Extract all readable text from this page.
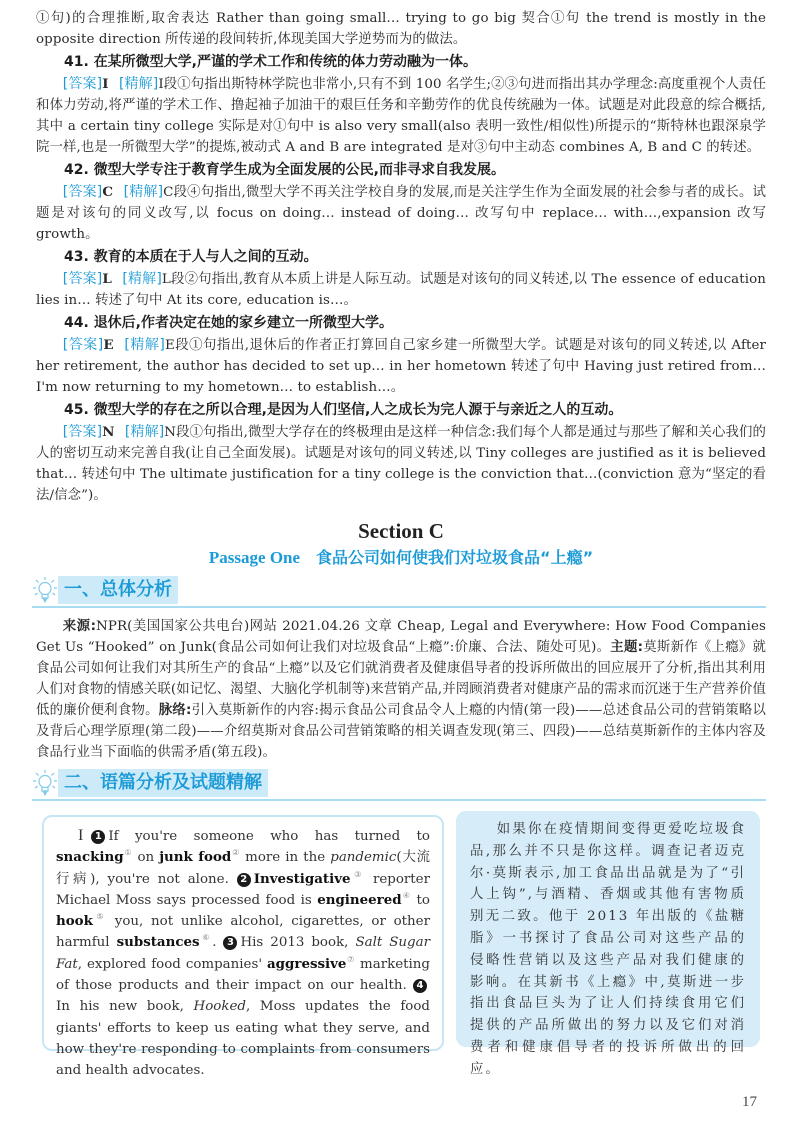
①句)的合理推断,取舍表达 Rather than going small… trying to go big 契合①句 the trend is mostly in the opposite direction 所传递的段间转折,体现美国大学逆势而为的做法。

41. 在某所微型大学,严谨的学术工作和传统的体力劳动融为一体。

[答案]I [精解]I段①句指出斯特林学院也非常小,只有不到 100 名学生;②③句进而指出其办学理念:高度重视个人责任和体力劳动,将严谨的学术工作、撸起袖子加油干的艰巨任务和辛勤劳作的优良传统融为一体。试题是对此段意的综合概括,其中 a certain tiny college 实际是对①句中 is also very small(also 表明一致性/相似性)所提示的“斯特林也跟深泉学院一样,也是一所微型大学”的提炼,被动式 A and B are integrated 是对③句中主动态 combines A, B and C 的转述。

42. 微型大学专注于教育学生成为全面发展的公民,而非寻求自我发展。

[答案]C [精解]C段④句指出,微型大学不再关注学校自身的发展,而是关注学生作为全面发展的社会参与者的成长。试题是对该句的同义改写,以 focus on doing… instead of doing… 改写句中 replace… with…,expansion 改写 growth。

43. 教育的本质在于人与人之间的互动。

[答案]L [精解]L段②句指出,教育从本质上讲是人际互动。试题是对该句的同义转述,以 The essence of education lies in… 转述了句中 At its core, education is…。

44. 退休后,作者决定在她的家乡建立一所微型大学。

[答案]E [精解]E段①句指出,退休后的作者正打算回自己家乡建一所微型大学。试题是对该句的同义转述,以 After her retirement, the author has decided to set up… in her hometown 转述了句中 Having just retired from… I'm now returning to my hometown… to establish…。

45. 微型大学的存在之所以合理,是因为人们坚信,人之成长为完人源于与亲近之人的互动。

[答案]N [精解]N段①句指出,微型大学存在的终极理由是这样一种信念:我们每个人都是通过与那些了解和关心我们的人的密切互动来完善自我(让自己全面发展)。试题是对该句的同义转述,以 Tiny colleges are justified as it is believed that… 转述句中 The ultimate justification for a tiny college is the conviction that…(conviction 意为“坚定的看法/信念”)。

Section C
Passage One 食品公司如何使我们对垃圾食品“上瘾”
一、总体分析

来源:NPR(美国国家公共电台)网站 2021.04.26 文章 Cheap, Legal and Everywhere: How Food Companies Get Us “Hooked” on Junk(食品公司如何让我们对垃圾食品“上瘾”:价廉、合法、随处可见)。主题:莫斯新作《上瘾》就食品公司如何让我们对其所生产的食品“上瘾”以及它们就消费者及健康倡导者的投诉所做出的回应展开了分析,指出其利用人们对食物的情感关联(如记忆、渴望、大脑化学机制等)来营销产品,并罔顾消费者对健康产品的需求而沉迷于生产营养价值低的廉价便利食物。脉络:引入莫斯新作的内容:揭示食品公司食品令人上瘾的内情(第一段)——总述食品公司的营销策略以及背后心理学原理(第二段)——介绍莫斯对食品公司营销策略的相关调查发现(第三、四段)——总结莫斯新作的主体内容及食品行业当下面临的供需矛盾(第五段)。

二、语篇分析及试题精解
I 1 If you're someone who has turned to snacking① on junk food② more in the pandemic(大流行病), you're not alone. 2 Investigative③ reporter Michael Moss says processed food is engineered④ to hook⑤ you, not unlike alcohol, cigarettes, or other harmful substances⑥. 3 His 2013 book, Salt Sugar Fat, explored food companies' aggressive⑦ marketing of those products and their impact on our health. 4 In his new book, Hooked, Moss updates the food giants' efforts to keep us eating what they serve, and how they're responding to complaints from consumers and health advocates.

如果你在疫情期间变得更爱吃垃圾食品,那么并不只是你这样。调查记者迈克尔·莫斯表示,加工食品出品就是为了“引人上钩”,与酒精、香烟或其他有害物质别无二致。他于 2013 年出版的《盐糖脂》一书探讨了食品公司对这些产品的侵略性营销以及这些产品对我们健康的影响。在其新书《上瘾》中,莫斯进一步指出食品巨头为了让人们持续食用它们提供的产品所做出的努力以及它们对消费者和健康倡导者的投诉所做出的回应。

17
